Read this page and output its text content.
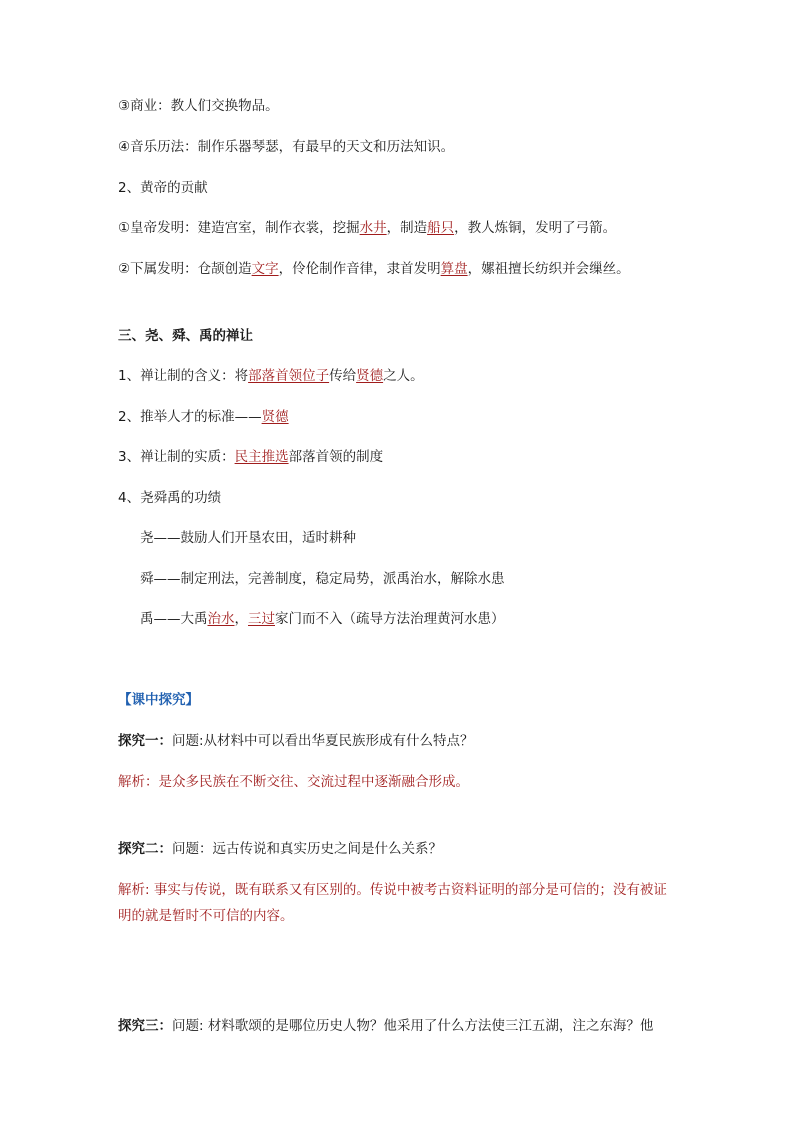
③商业：教人们交换物品。
④音乐历法：制作乐器琴瑟，有最早的天文和历法知识。
2、黄帝的贡献
①皇帝发明：建造宫室，制作衣裳，挖掘水井，制造船只，教人炼铜，发明了弓箭。
②下属发明：仓颉创造文字，伶伦制作音律，隶首发明算盘，嫘祖擅长纺织并会缫丝。
三、尧、舜、禹的禅让
1、禅让制的含义：将部落首领位子传给贤德之人。
2、推举人才的标准——贤德
3、禅让制的实质：民主推选部落首领的制度
4、尧舜禹的功绩
尧——鼓励人们开垦农田，适时耕种
舜——制定刑法，完善制度，稳定局势，派禹治水，解除水患
禹——大禹治水，三过家门而不入（疏导方法治理黄河水患）
【课中探究】
探究一：问题:从材料中可以看出华夏民族形成有什么特点？
解析：是众多民族在不断交往、交流过程中逐渐融合形成。
探究二：问题：远古传说和真实历史之间是什么关系？
解析: 事实与传说，既有联系又有区别的。传说中被考古资料证明的部分是可信的；没有被证明的就是暂时不可信的内容。
探究三：问题: 材料歌颂的是哪位历史人物？他采用了什么方法使三江五湖，注之东海？他
